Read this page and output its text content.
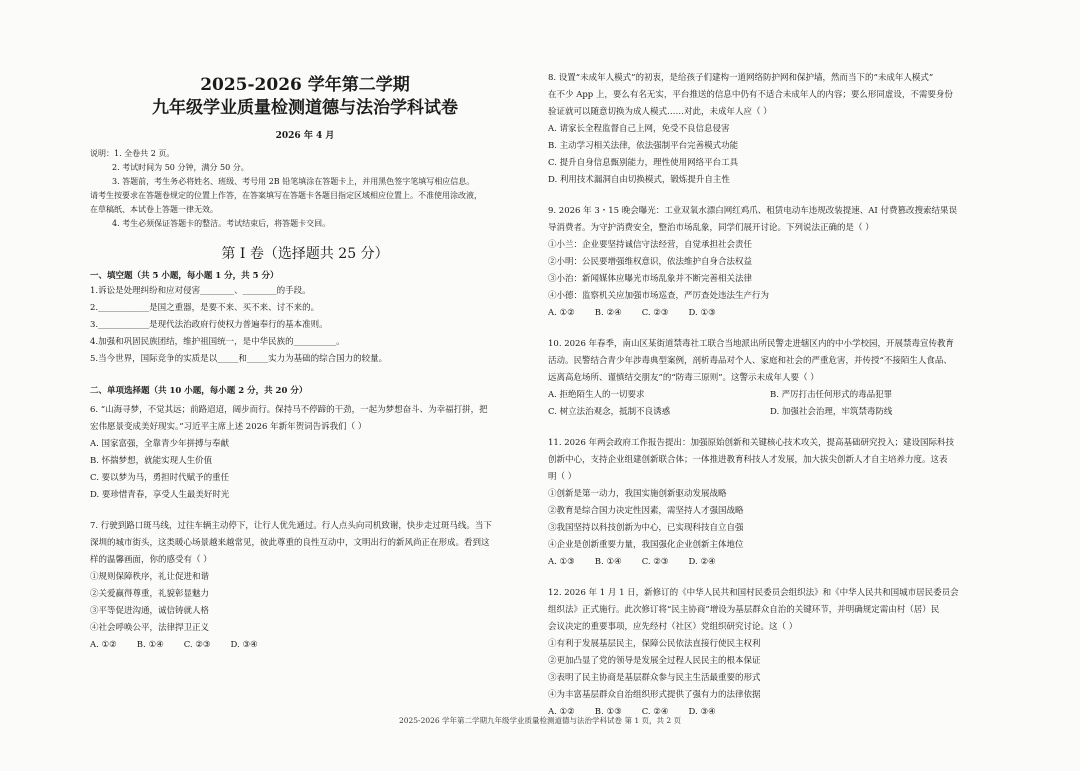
2025-2026 学年第二学期
九年级学业质量检测道德与法治学科试卷
2026 年 4 月

说明：1. 全卷共 2 页。

2. 考试时间为 50 分钟，满分 50 分。

3. 答题前，考生务必将姓名、班级、考号用 2B 铅笔填涂在答题卡上，并用黑色签字笔填写相应信息。

请考生按要求在答题卷规定的位置上作答，在答案填写在答题卡各题目指定区域相应位置上。不准使用涂改液，

在草稿纸、本试卷上答题一律无效。

4. 考生必须保证答题卡的整洁。考试结束后，将答题卡交回。

第 I 卷（选择题共 25 分）
一、填空题（共 5 小题，每小题 1 分，共 5 分）

1.诉讼是处理纠纷和应对侵害________、________的手段。

2.____________是国之重器，是要不来、买不来、讨不来的。

3.____________是现代法治政府行使权力普遍奉行的基本准则。

4.加强和巩固民族团结，维护祖国统一，是中华民族的__________。

5.当今世界，国际竞争的实质是以_____和_____实力为基础的综合国力的较量。

二、单项选择题（共 10 小题，每小题 2 分，共 20 分）

6. “山海寻梦，不觉其远；前路迢迢，阔步而行。保持马不停蹄的干劲，一起为梦想奋斗、为幸福打拼，把

宏伟愿景变成美好现实。”习近平主席上述 2026 年新年贺词告诉我们（ ）

A. 国家富强，全靠青少年拼搏与奉献

B. 怀揣梦想，就能实现人生价值

C. 要以梦为马，勇担时代赋予的重任

D. 要珍惜青春，享受人生最美好时光

7. 行驶到路口斑马线，过往车辆主动停下，让行人优先通过。行人点头向司机致谢，快步走过斑马线。当下

深圳的城市街头，这类暖心场景越来越常见，彼此尊重的良性互动中，文明出行的新风尚正在形成。看到这

样的温馨画面，你的感受有（ ）

①规则保障秩序，礼让促进和谐

②关爱赢得尊重，礼貌彰显魅力

③平等促进沟通，诚信铸就人格

④社会呼唤公平，法律捍卫正义

A. ①② B. ①④ C. ②③ D. ③④

8. 设置“未成年人模式”的初衷，是给孩子们建构一道网络防护网和保护墙，然而当下的“未成年人模式”

在不少 App 上，要么有名无实，平台推送的信息中仍有不适合未成年人的内容；要么形同虚设，不需要身份

验证就可以随意切换为成人模式……对此，未成年人应（ ）

A. 请家长全程监督自己上网，免受不良信息侵害

B. 主动学习相关法律，依法强制平台完善模式功能

C. 提升自身信息甄别能力，理性使用网络平台工具

D. 利用技术漏洞自由切换模式，锻炼提升自主性

9. 2026 年 3・15 晚会曝光：工业双氧水漂白网红鸡爪、租赁电动车违规改装提速、AI 付费篡改搜索结果误

导消费者。为守护消费安全，整治市场乱象，同学们展开讨论。下列说法正确的是（ ）

①小兰：企业要坚持诚信守法经营，自觉承担社会责任

②小明：公民要增强维权意识，依法维护自身合法权益

③小治：新闻媒体应曝光市场乱象并不断完善相关法律

④小德：监察机关应加强市场巡查，严厉查处违法生产行为

A. ①② B. ②④ C. ②③ D. ①③

10. 2026 年春季，南山区某街道禁毒社工联合当地派出所民警走进辖区内的中小学校园，开展禁毒宣传教育

活动。民警结合青少年涉毒典型案例，剖析毒品对个人、家庭和社会的严重危害，并传授“不接陌生人食品、

远离高危场所、谨慎结交朋友”的“防毒三原则”。这警示未成年人要（ ）

A. 拒绝陌生人的一切要求	B. 严厉打击任何形式的毒品犯罪
C. 树立法治观念，抵制不良诱惑	D. 加强社会治理，牢筑禁毒防线

11. 2026 年两会政府工作报告提出：加强原始创新和关键核心技术攻关，提高基础研究投入；建设国际科技

创新中心，支持企业组建创新联合体；一体推进教育科技人才发展，加大拔尖创新人才自主培养力度。这表

明（ ）

①创新是第一动力，我国实施创新驱动发展战略

②教育是综合国力决定性因素，需坚持人才强国战略

③我国坚持以科技创新为中心，已实现科技自立自强

④企业是创新重要力量，我国强化企业创新主体地位

A. ①③ B. ①④ C. ②③ D. ②④

12. 2026 年 1 月 1 日，新修订的《中华人民共和国村民委员会组织法》和《中华人民共和国城市居民委员会

组织法》正式施行。此次修订将“民主协商”增设为基层群众自治的关键环节，并明确规定需由村（居）民

会议决定的重要事项，应先经村（社区）党组织研究讨论。这（ ）

①有利于发展基层民主，保障公民依法直接行使民主权利

②更加凸显了党的领导是发展全过程人民民主的根本保证

③表明了民主协商是基层群众参与民主生活最重要的形式

④为丰富基层群众自治组织形式提供了强有力的法律依据

A. ①② B. ①③ C. ②④ D. ③④
2025-2026 学年第二学期九年级学业质量检测道德与法治学科试卷 第 1 页，共 2 页
